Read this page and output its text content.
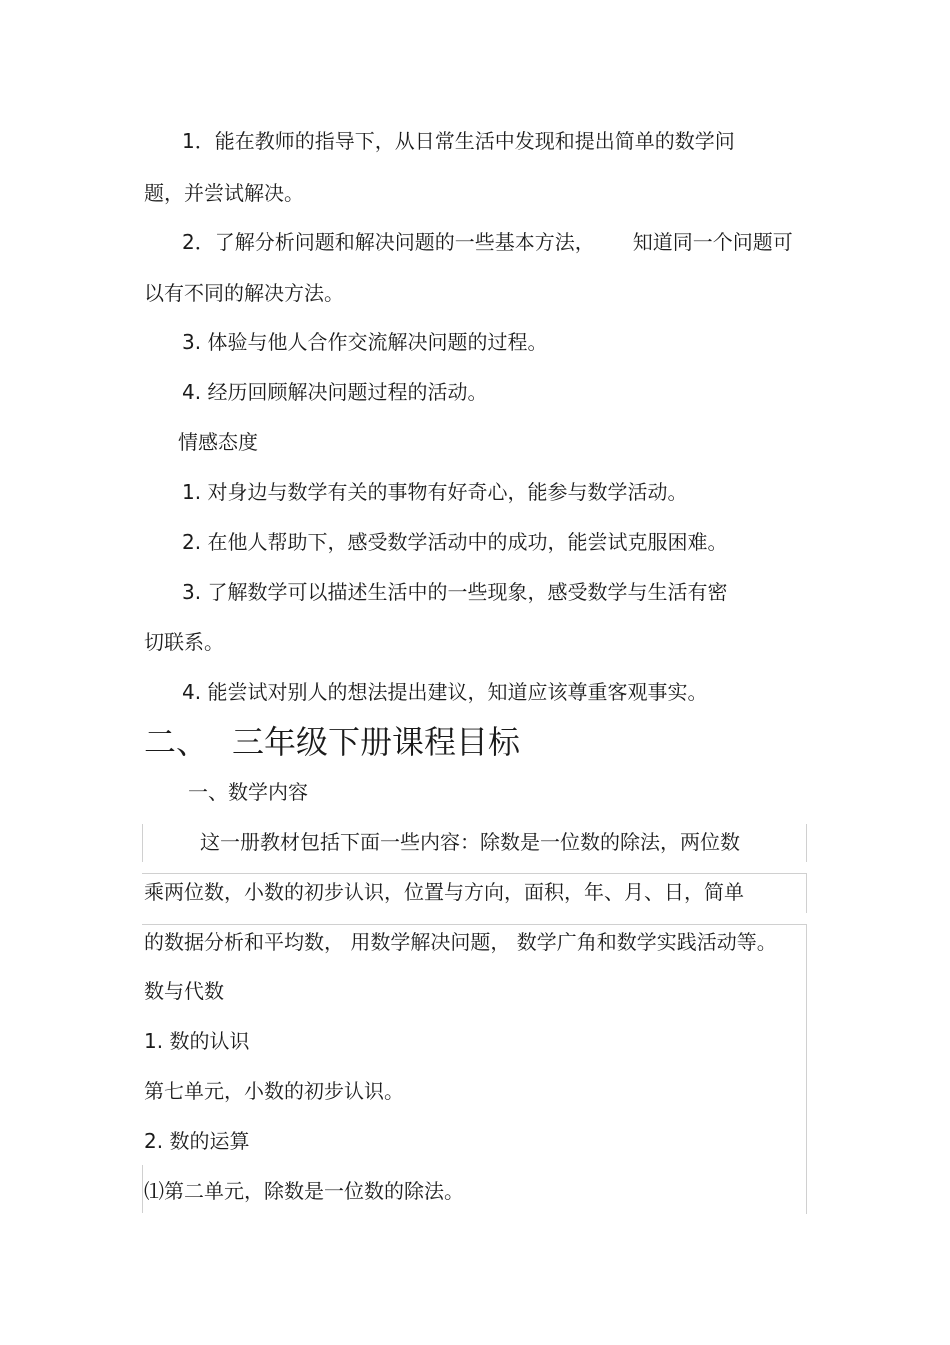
1．能在教师的指导下，从日常生活中发现和提出简单的数学问
题，并尝试解决。
2．了解分析问题和解决问题的一些基本方法， 知道同一个问题可
以有不同的解决方法。
3. 体验与他人合作交流解决问题的过程。
4. 经历回顾解决问题过程的活动。
情感态度
1. 对身边与数学有关的事物有好奇心，能参与数学活动。
2. 在他人帮助下，感受数学活动中的成功，能尝试克服困难。
3. 了解数学可以描述生活中的一些现象，感受数学与生活有密
切联系。
4. 能尝试对别人的想法提出建议，知道应该尊重客观事实。
二、 三年级下册课程目标
一、数学内容
这一册教材包括下面一些内容：除数是一位数的除法，两位数
乘两位数，小数的初步认识，位置与方向，面积，年、月、日，简单
的数据分析和平均数， 用数学解决问题， 数学广角和数学实践活动等。
数与代数
1. 数的认识
第七单元，小数的初步认识。
2. 数的运算
⑴第二单元，除数是一位数的除法。
